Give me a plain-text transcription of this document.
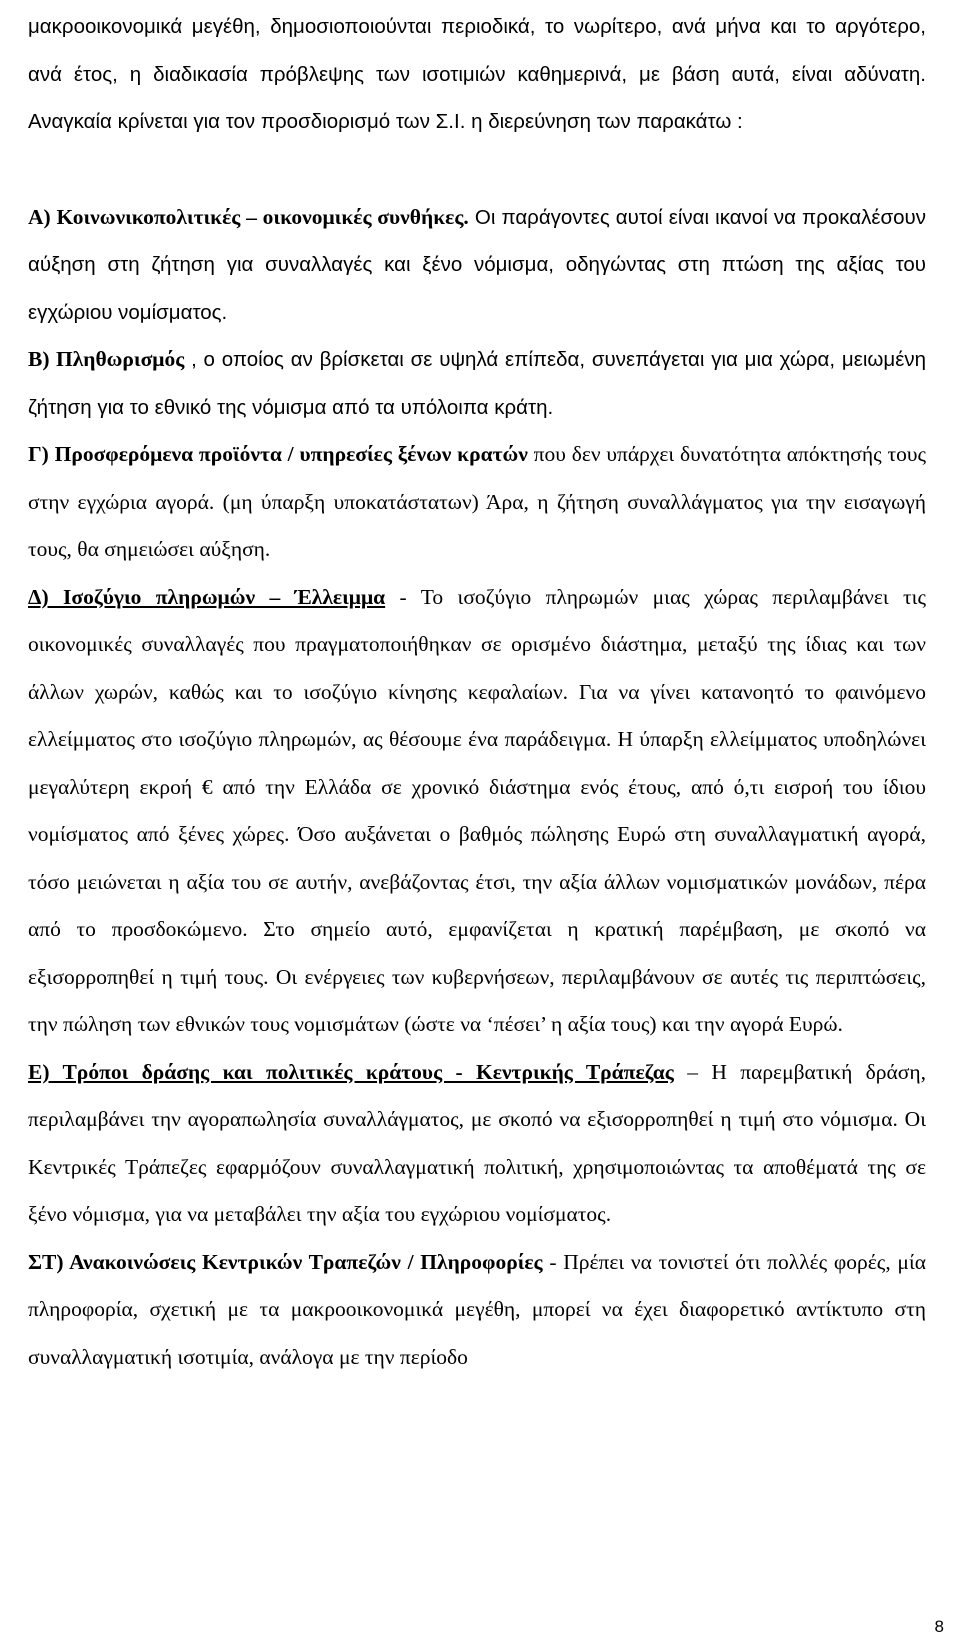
μακροοικονομικά μεγέθη, δημοσιοποιούνται περιοδικά, το νωρίτερο, ανά μήνα και το αργότερο, ανά έτος, η διαδικασία πρόβλεψης των ισοτιμιών καθημερινά, με βάση αυτά, είναι αδύνατη. Αναγκαία κρίνεται για τον προσδιορισμό των Σ.Ι. η διερεύνηση των παρακάτω :

Α) Κοινωνικοπολιτικές – οικονομικές συνθήκες. Οι παράγοντες αυτοί είναι ικανοί να προκαλέσουν αύξηση στη ζήτηση για συναλλαγές και ξένο νόμισμα, οδηγώντας στη πτώση της αξίας του εγχώριου νομίσματος.

Β) Πληθωρισμός , ο οποίος αν βρίσκεται σε υψηλά επίπεδα, συνεπάγεται για μια χώρα, μειωμένη ζήτηση για το εθνικό της νόμισμα από τα υπόλοιπα κράτη.

Γ) Προσφερόμενα προϊόντα / υπηρεσίες ξένων κρατών που δεν υπάρχει δυνατότητα απόκτησής τους στην εγχώρια αγορά. (μη ύπαρξη υποκατάστατων) Άρα, η ζήτηση συναλλάγματος για την εισαγωγή τους, θα σημειώσει αύξηση.

Δ) Ισοζύγιο πληρωμών – Έλλειμμα - Το ισοζύγιο πληρωμών μιας χώρας περιλαμβάνει τις οικονομικές συναλλαγές που πραγματοποιήθηκαν σε ορισμένο διάστημα, μεταξύ της ίδιας και των άλλων χωρών, καθώς και το ισοζύγιο κίνησης κεφαλαίων. Για να γίνει κατανοητό το φαινόμενο ελλείμματος στο ισοζύγιο πληρωμών, ας θέσουμε ένα παράδειγμα. Η ύπαρξη ελλείμματος υποδηλώνει μεγαλύτερη εκροή € από την Ελλάδα σε χρονικό διάστημα ενός έτους, από ό,τι εισροή του ίδιου νομίσματος από ξένες χώρες. Όσο αυξάνεται ο βαθμός πώλησης Ευρώ στη συναλλαγματική αγορά, τόσο μειώνεται η αξία του σε αυτήν, ανεβάζοντας έτσι, την αξία άλλων νομισματικών μονάδων, πέρα από το προσδοκώμενο. Στο σημείο αυτό, εμφανίζεται η κρατική παρέμβαση, με σκοπό να εξισορροπηθεί η τιμή τους. Οι ενέργειες των κυβερνήσεων, περιλαμβάνουν σε αυτές τις περιπτώσεις, την πώληση των εθνικών τους νομισμάτων (ώστε να ‘πέσει’ η αξία τους) και την αγορά Ευρώ.

Ε) Τρόποι δράσης και πολιτικές κράτους - Κεντρικής Τράπεζας – Η παρεμβατική δράση, περιλαμβάνει την αγοραπωλησία συναλλάγματος, με σκοπό να εξισορροπηθεί η τιμή στο νόμισμα. Οι Κεντρικές Τράπεζες εφαρμόζουν συναλλαγματική πολιτική, χρησιμοποιώντας τα αποθέματά της σε ξένο νόμισμα, για να μεταβάλει την αξία του εγχώριου νομίσματος.

ΣΤ) Ανακοινώσεις Κεντρικών Τραπεζών / Πληροφορίες - Πρέπει να τονιστεί ότι πολλές φορές, μία πληροφορία, σχετική με τα μακροοικονομικά μεγέθη, μπορεί να έχει διαφορετικό αντίκτυπο στη συναλλαγματική ισοτιμία, ανάλογα με την περίοδο

8
